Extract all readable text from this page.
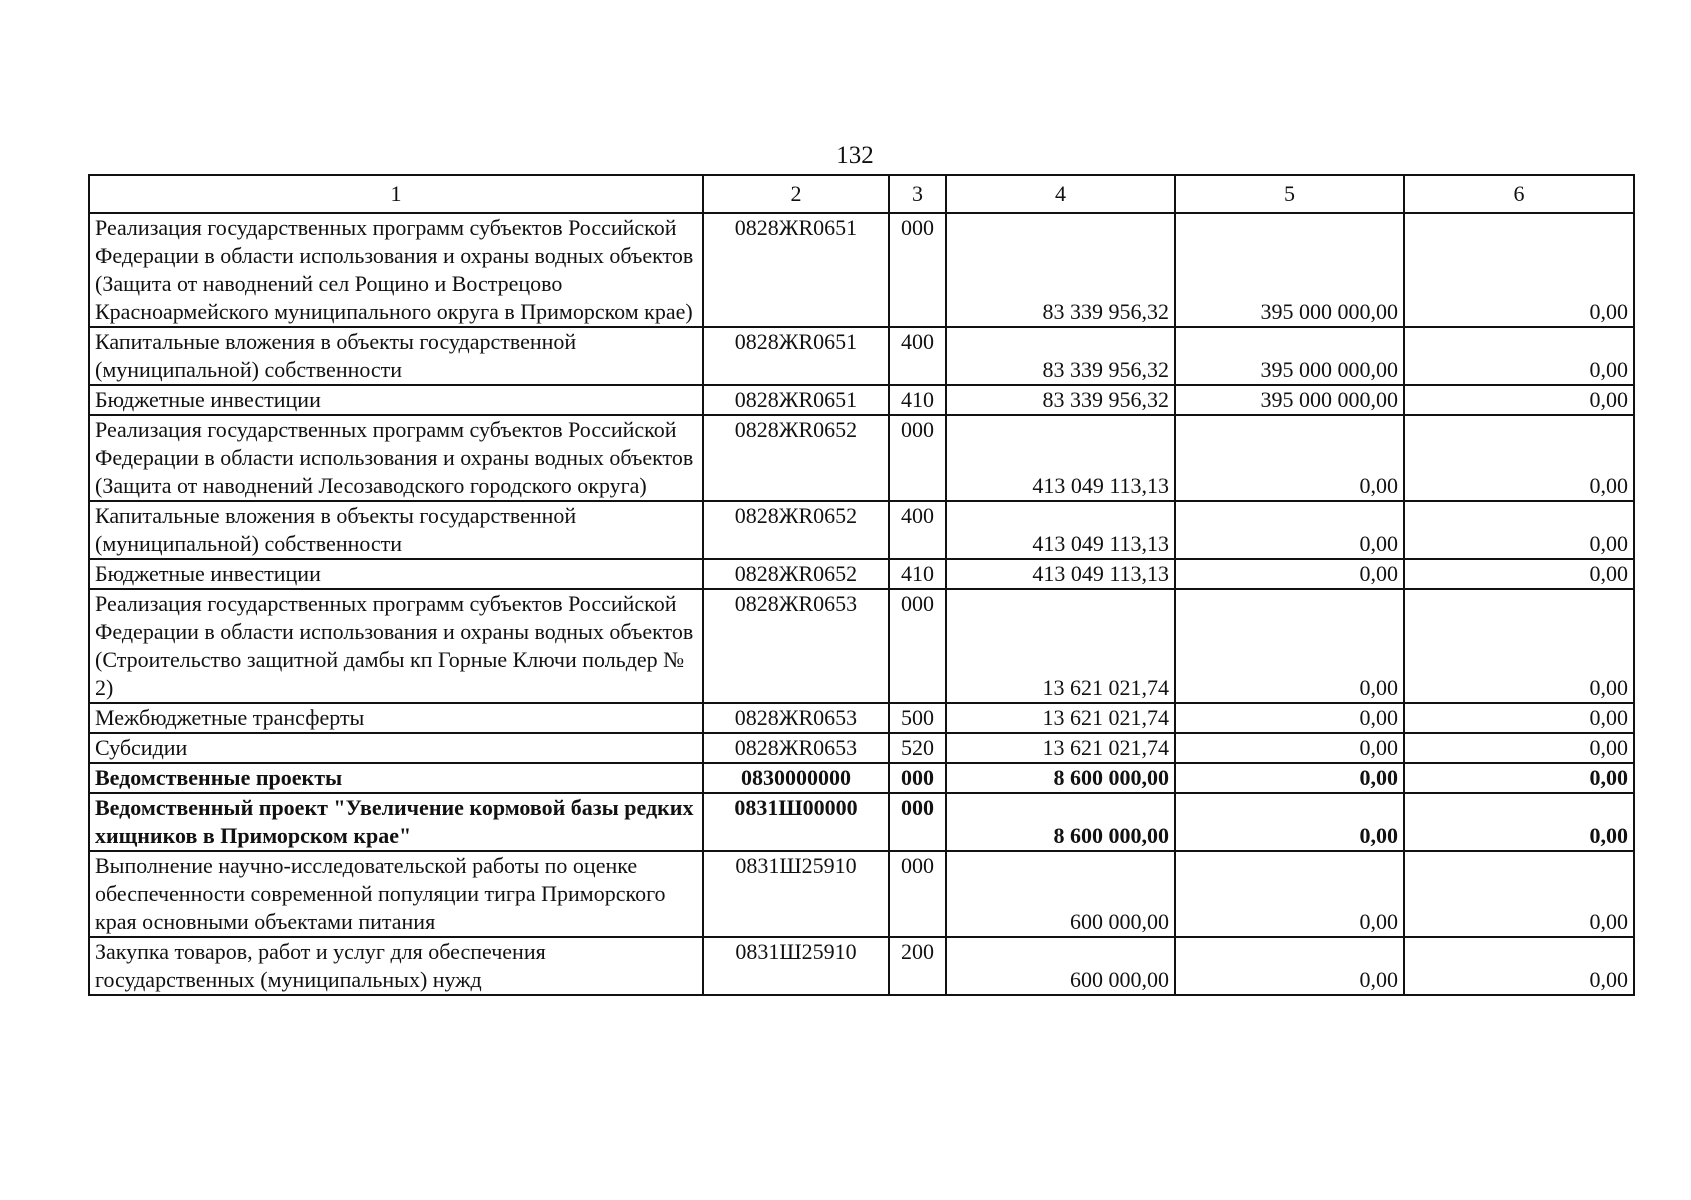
132
1	2	3	4	5	6
Реализация государственных программ субъектов Российской Федерации в области использования и охраны водных объектов (Защита от наводнений сел Рощино и Вострецово Красноармейского муниципального округа в Приморском крае)	0828ЖR0651	000	83 339 956,32	395 000 000,00	0,00
Капитальные вложения в объекты государственной (муниципальной) собственности	0828ЖR0651	400	83 339 956,32	395 000 000,00	0,00
Бюджетные инвестиции	0828ЖR0651	410	83 339 956,32	395 000 000,00	0,00
Реализация государственных программ субъектов Российской Федерации в области использования и охраны водных объектов (Защита от наводнений Лесозаводского городского округа)	0828ЖR0652	000	413 049 113,13	0,00	0,00
Капитальные вложения в объекты государственной (муниципальной) собственности	0828ЖR0652	400	413 049 113,13	0,00	0,00
Бюджетные инвестиции	0828ЖR0652	410	413 049 113,13	0,00	0,00
Реализация государственных программ субъектов Российской Федерации в области использования и охраны водных объектов (Строительство защитной дамбы кп Горные Ключи польдер № 2)	0828ЖR0653	000	13 621 021,74	0,00	0,00
Межбюджетные трансферты	0828ЖR0653	500	13 621 021,74	0,00	0,00
Субсидии	0828ЖR0653	520	13 621 021,74	0,00	0,00
Ведомственные проекты	0830000000	000	8 600 000,00	0,00	0,00
Ведомственный проект "Увеличение кормовой базы редких хищников в Приморском крае"	0831Ш00000	000	8 600 000,00	0,00	0,00
Выполнение научно-исследовательской работы по оценке обеспеченности современной популяции тигра Приморского края основными объектами питания	0831Ш25910	000	600 000,00	0,00	0,00
Закупка товаров, работ и услуг для обеспечения государственных (муниципальных) нужд	0831Ш25910	200	600 000,00	0,00	0,00
